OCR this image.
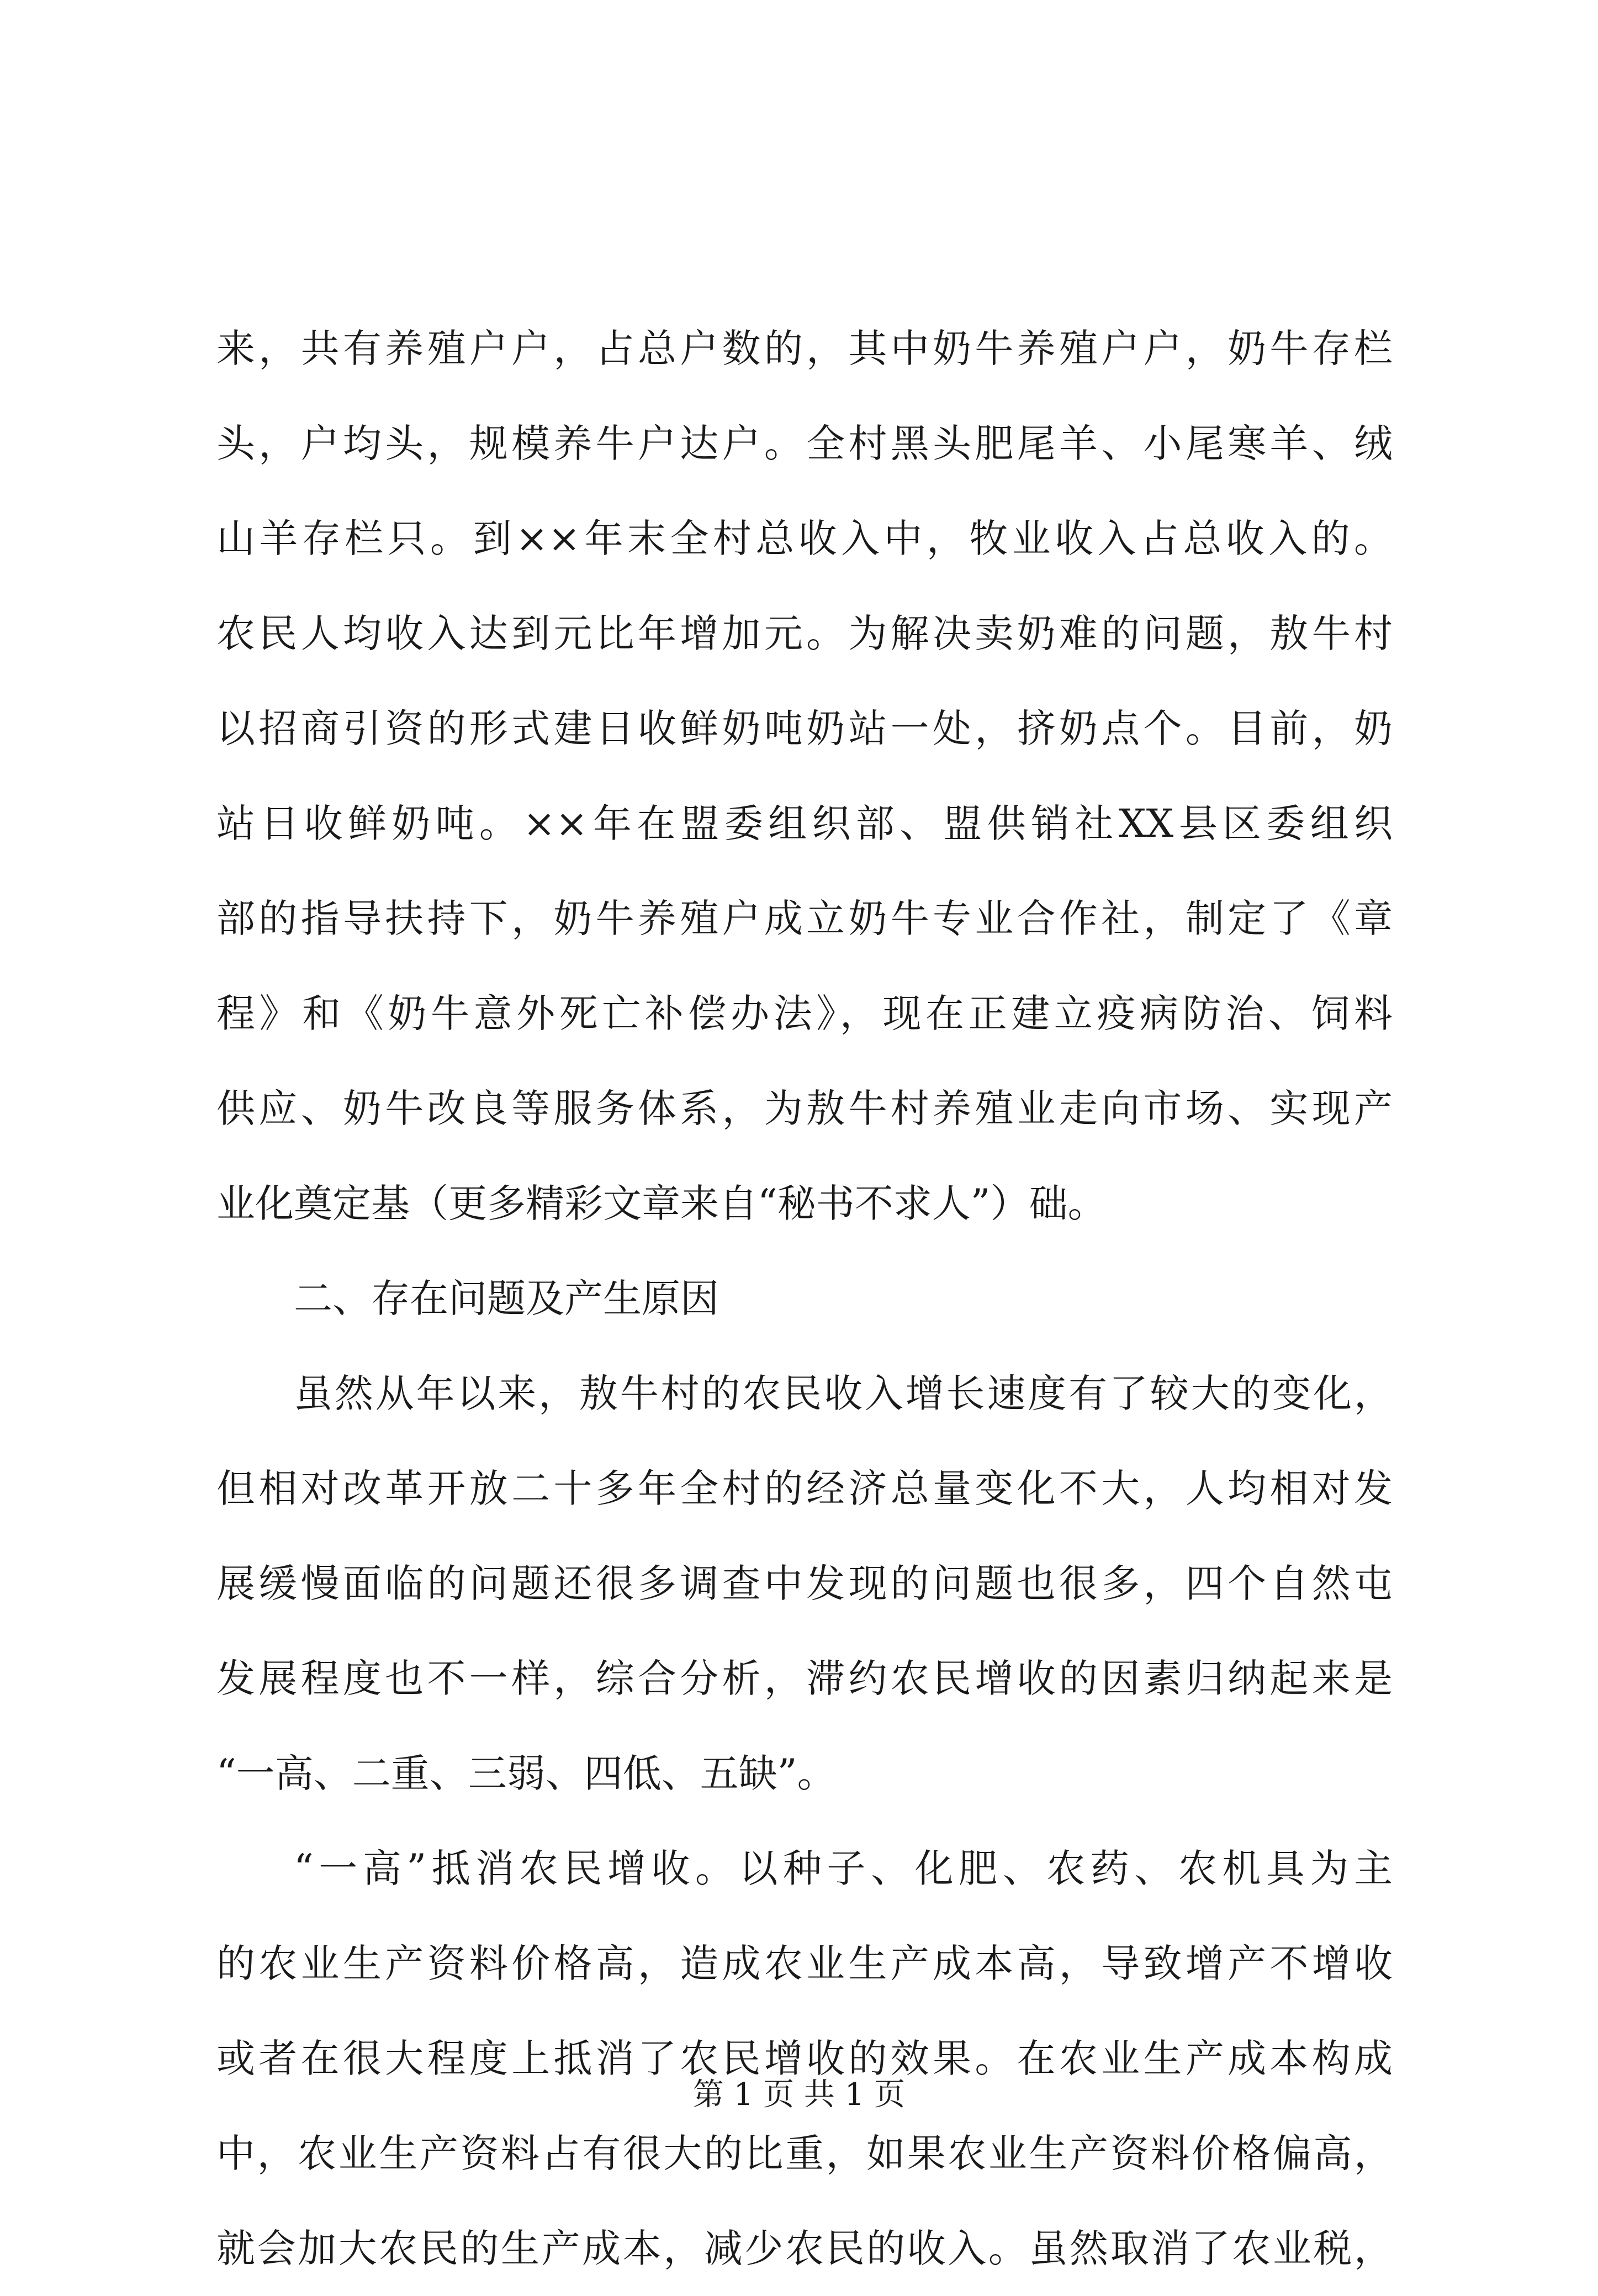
来，共有养殖户户，占总户数的，其中奶牛养殖户户，奶牛存栏
头，户均头，规模养牛户达户。全村黑头肥尾羊、小尾寒羊、绒
山羊存栏只。到××年末全村总收入中，牧业收入占总收入的。
农民人均收入达到元比年增加元。为解决卖奶难的问题，敖牛村
以招商引资的形式建日收鲜奶吨奶站一处，挤奶点个。目前，奶
站日收鲜奶吨。××年在盟委组织部、盟供销社XX县区委组织
部的指导扶持下，奶牛养殖户成立奶牛专业合作社，制定了《章
程》和《奶牛意外死亡补偿办法》，现在正建立疫病防治、饲料
供应、奶牛改良等服务体系，为敖牛村养殖业走向市场、实现产
业化奠定基（更多精彩文章来自“秘书不求人”）础。
二、存在问题及产生原因
虽然从年以来，敖牛村的农民收入增长速度有了较大的变化，
但相对改革开放二十多年全村的经济总量变化不大，人均相对发
展缓慢面临的问题还很多调查中发现的问题也很多，四个自然屯
发展程度也不一样，综合分析，滞约农民增收的因素归纳起来是
“一高、二重、三弱、四低、五缺”。
“一高”抵消农民增收。以种子、化肥、农药、农机具为主
的农业生产资料价格高，造成农业生产成本高，导致增产不增收
或者在很大程度上抵消了农民增收的效果。在农业生产成本构成
中，农业生产资料占有很大的比重，如果农业生产资料价格偏高，
就会加大农民的生产成本，减少农民的收入。虽然取消了农业税，
第 1 页 共 1 页
